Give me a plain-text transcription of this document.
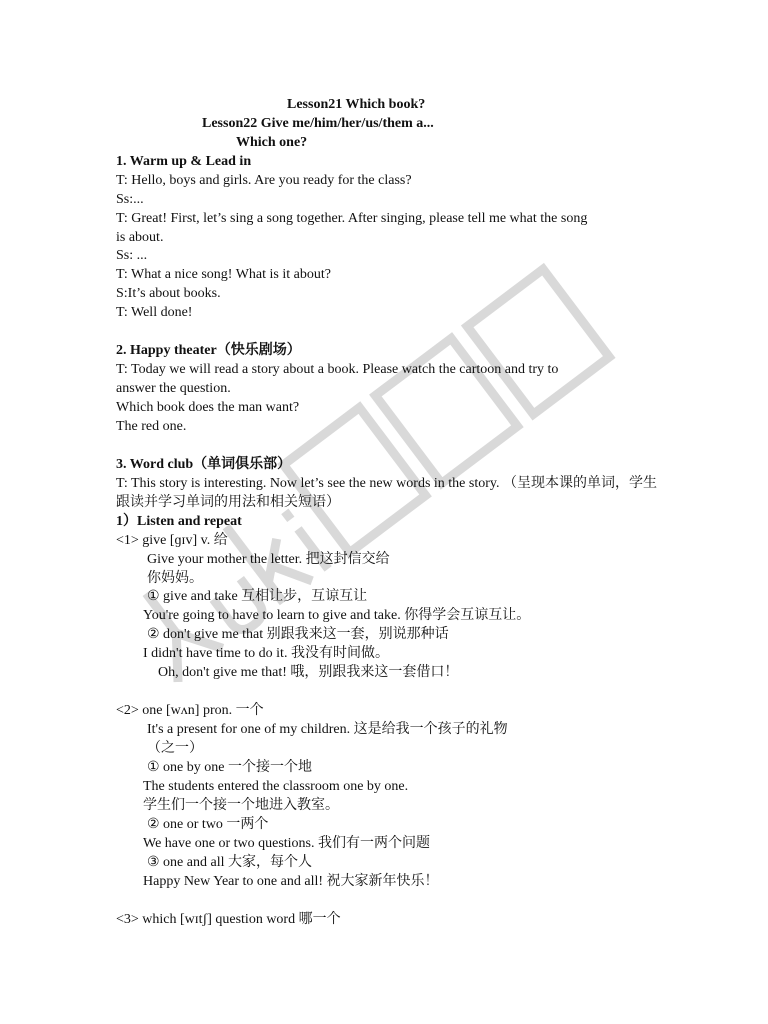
Lesson21 Which book?
Lesson22 Give me/him/her/us/them a...
Which one?
1. Warm up & Lead in
T: Hello, boys and girls. Are you ready for the class?
Ss:...
T: Great! First, let’s sing a song together. After singing, please tell me what the song
is about.
Ss: ...
T: What a nice song! What is it about?
S:It’s about books.
T: Well done!
2. Happy theater（快乐剧场）
T: Today we will read a story about a book. Please watch the cartoon and try to
answer the question.
Which book does the man want?
The red one.
3. Word club（单词俱乐部）
T: This story is interesting. Now let’s see the new words in the story. （呈现本课的单词，学生
跟读并学习单词的用法和相关短语）
1）Listen and repeat
<1> give [ɡɪv] v. 给
Give your mother the letter. 把这封信交给
你妈妈。
① give and take 互相让步，互谅互让
You're going to have to learn to give and take. 你得学会互谅互让。
② don't give me that 别跟我来这一套，别说那种话
I didn't have time to do it. 我没有时间做。
Oh, don't give me that! 哦，别跟我来这一套借口！
<2> one [wʌn] pron. 一个
It's a present for one of my children. 这是给我一个孩子的礼物
（之一）
① one by one 一个接一个地
The students entered the classroom one by one.
学生们一个接一个地进入教室。
② one or two 一两个
We have one or two questions. 我们有一两个问题
③ one and all 大家，每个人
Happy New Year to one and all! 祝大家新年快乐！
<3> which [wɪtʃ] question word 哪一个
